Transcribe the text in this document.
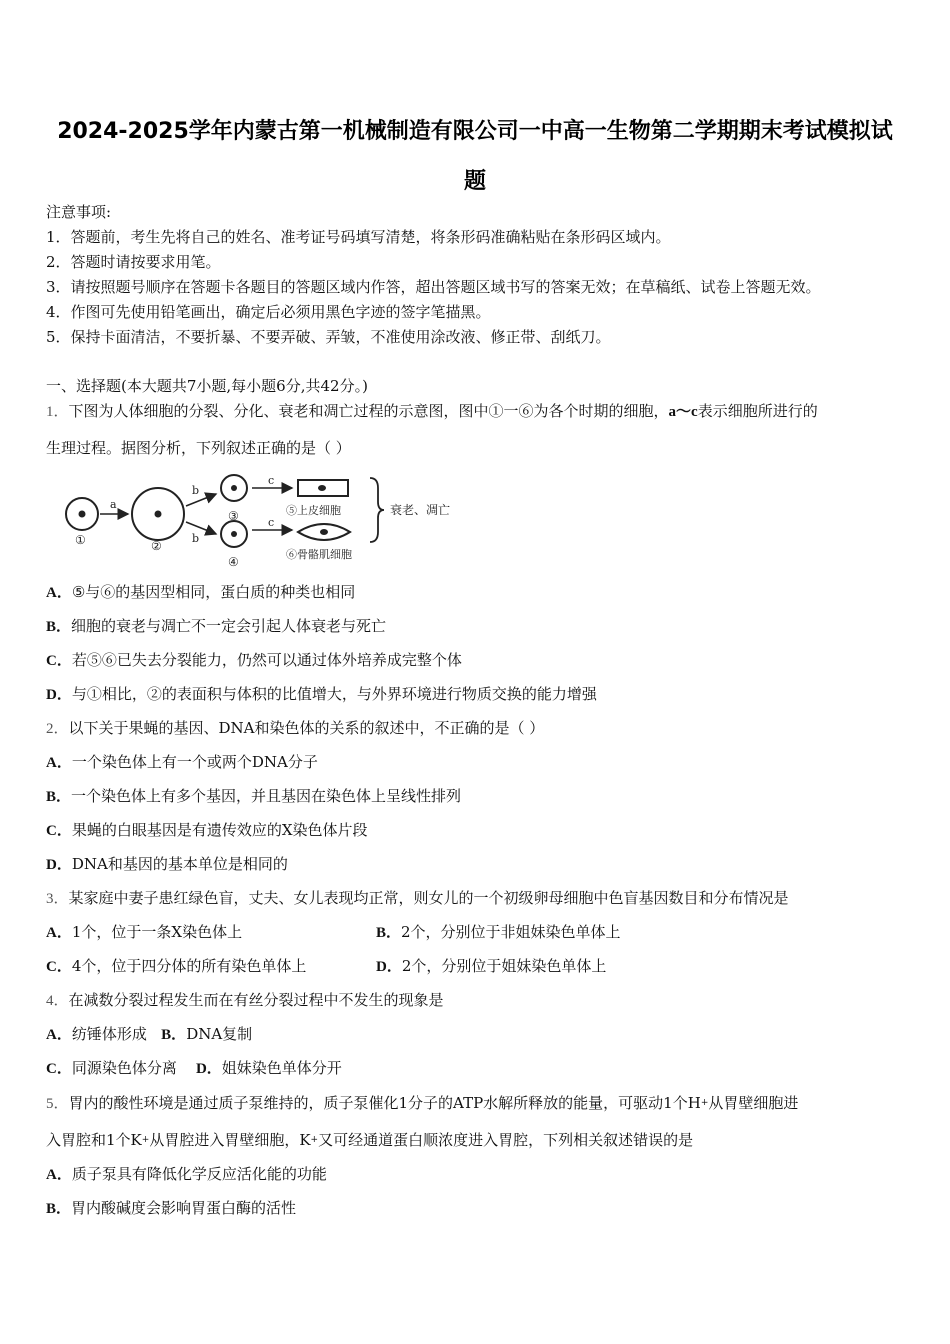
2024-2025学年内蒙古第一机械制造有限公司一中高一生物第二学期期末考试模拟试
题
注意事项:
1．答题前，考生先将自己的姓名、准考证号码填写清楚，将条形码准确粘贴在条形码区域内。
2．答题时请按要求用笔。
3．请按照题号顺序在答题卡各题目的答题区域内作答，超出答题区域书写的答案无效；在草稿纸、试卷上答题无效。
4．作图可先使用铅笔画出，确定后必须用黑色字迹的签字笔描黑。
5．保持卡面清洁，不要折暴、不要弄破、弄皱，不准使用涂改液、修正带、刮纸刀。
一、选择题(本大题共7小题,每小题6分,共42分。)
1．下图为人体细胞的分裂、分化、衰老和凋亡过程的示意图，图中①一⑥为各个时期的细胞，a～c表示细胞所进行的
生理过程。据图分析，下列叙述正确的是（ ）
①
a
②
b
b
③
④
c
c
⑤上皮细胞
⑥骨骼肌细胞
衰老、凋亡
A．⑤与⑥的基因型相同，蛋白质的种类也相同
B．细胞的衰老与凋亡不一定会引起人体衰老与死亡
C．若⑤⑥已失去分裂能力，仍然可以通过体外培养成完整个体
D．与①相比，②的表面积与体积的比值增大，与外界环境进行物质交换的能力增强
2．以下关于果蝇的基因、DNA和染色体的关系的叙述中，不正确的是（ ）
A．一个染色体上有一个或两个DNA分子
B．一个染色体上有多个基因，并且基因在染色体上呈线性排列
C．果蝇的白眼基因是有遗传效应的X染色体片段
D．DNA和基因的基本单位是相同的
3．某家庭中妻子患红绿色盲，丈夫、女儿表现均正常，则女儿的一个初级卵母细胞中色盲基因数目和分布情况是
A．1个，位于一条X染色体上	B．2个，分别位于非姐妹染色单体上
C．4个，位于四分体的所有染色单体上	D．2个，分别位于姐妹染色单体上
4．在减数分裂过程发生而在有丝分裂过程中不发生的现象是
A．纺锤体形成 B．DNA复制
C．同源染色体分离 D．姐妹染色单体分开
5．胃内的酸性环境是通过质子泵维持的，质子泵催化1分子的ATP水解所释放的能量，可驱动1个H+从胃壁细胞进
入胃腔和1个K+从胃腔进入胃壁细胞，K+又可经通道蛋白顺浓度进入胃腔，下列相关叙述错误的是
A．质子泵具有降低化学反应活化能的功能
B．胃内酸碱度会影响胃蛋白酶的活性
